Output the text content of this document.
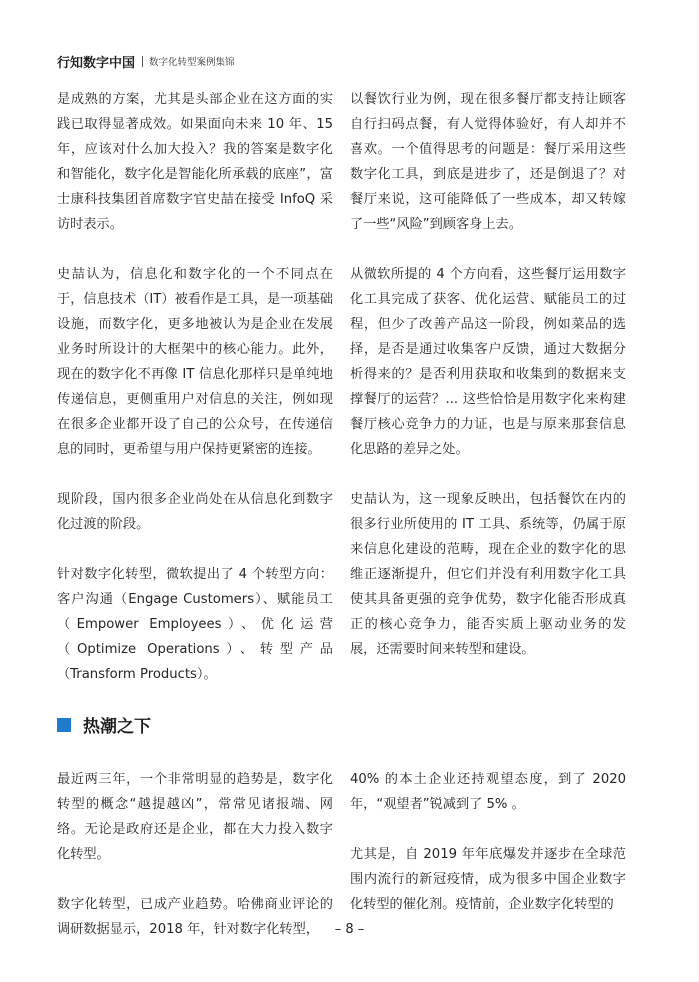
行知数字中国 数字化转型案例集锦

是成熟的方案，尤其是头部企业在这方面的实践已取得显著成效。如果面向未来 10 年、15 年，应该对什么加大投入？我的答案是数字化和智能化，数字化是智能化所承载的底座”，富士康科技集团首席数字官史喆在接受 InfoQ 采访时表示。

史喆认为，信息化和数字化的一个不同点在于，信息技术（IT）被看作是工具，是一项基础设施，而数字化，更多地被认为是企业在发展业务时所设计的大框架中的核心能力。此外，现在的数字化不再像 IT 信息化那样只是单纯地传递信息，更侧重用户对信息的关注，例如现在很多企业都开设了自己的公众号，在传递信息的同时，更希望与用户保持更紧密的连接。

现阶段，国内很多企业尚处在从信息化到数字化过渡的阶段。

针对数字化转型，微软提出了 4 个转型方向：客户沟通（Engage Customers）、赋能员工（Empower Employees）、优化运营（Optimize Operations）、转型产品（Transform Products）。

以餐饮行业为例，现在很多餐厅都支持让顾客自行扫码点餐，有人觉得体验好，有人却并不喜欢。一个值得思考的问题是：餐厅采用这些数字化工具，到底是进步了，还是倒退了？对餐厅来说，这可能降低了一些成本，却又转嫁了一些“风险”到顾客身上去。

从微软所提的 4 个方向看，这些餐厅运用数字化工具完成了获客、优化运营、赋能员工的过程，但少了改善产品这一阶段，例如菜品的选择，是否是通过收集客户反馈，通过大数据分析得来的？是否利用获取和收集到的数据来支撑餐厅的运营？... 这些恰恰是用数字化来构建餐厅核心竞争力的力证，也是与原来那套信息化思路的差异之处。

史喆认为，这一现象反映出，包括餐饮在内的很多行业所使用的 IT 工具、系统等，仍属于原来信息化建设的范畴，现在企业的数字化的思维正逐渐提升，但它们并没有利用数字化工具使其具备更强的竞争优势，数字化能否形成真正的核心竞争力，能否实质上驱动业务的发展，还需要时间来转型和建设。

热潮之下

最近两三年，一个非常明显的趋势是，数字化转型的概念“越提越凶”，常常见诸报端、网络。无论是政府还是企业，都在大力投入数字化转型。

数字化转型，已成产业趋势。哈佛商业评论的调研数据显示，2018 年，针对数字化转型，

40% 的本土企业还持观望态度，到了 2020 年，“观望者”锐减到了 5% 。

尤其是，自 2019 年年底爆发并逐步在全球范围内流行的新冠疫情，成为很多中国企业数字化转型的催化剂。疫情前，企业数字化转型的

– 8 –
